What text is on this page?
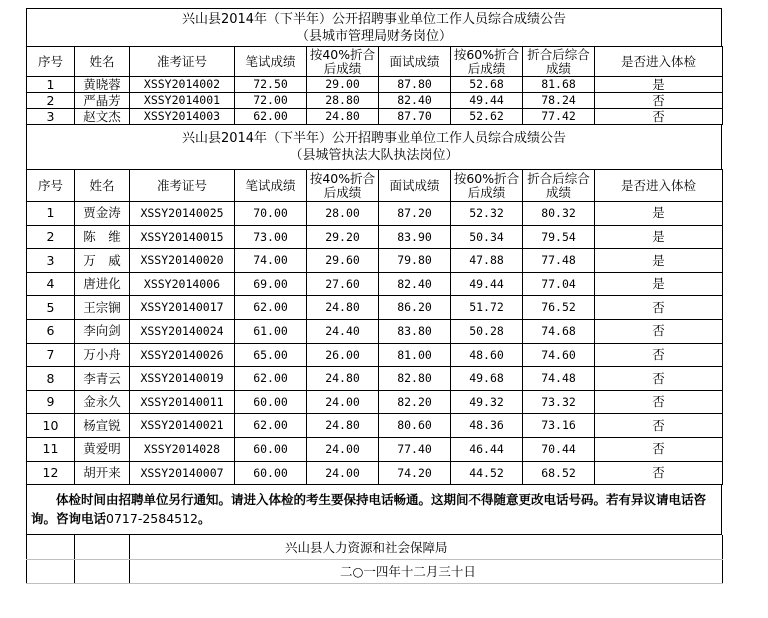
兴山县2014年（下半年）公开招聘事业单位工作人员综合成绩公告
（县城市管理局财务岗位）
序号	姓名	准考证号	笔试成绩	按40%折合后成绩	面试成绩	按60%折合后成绩	折合后综合成绩	是否进入体检
1	黄晓蓉	XSSY2014002	72.50	29.00	87.80	52.68	81.68	是
2	严晶芳	XSSY2014001	72.00	28.80	82.40	49.44	78.24	否
3	赵文杰	XSSY2014003	62.00	24.80	87.70	52.62	77.42	否
兴山县2014年（下半年）公开招聘事业单位工作人员综合成绩公告
（县城管执法大队执法岗位）
序号	姓名	准考证号	笔试成绩	按40%折合后成绩	面试成绩	按60%折合后成绩	折合后综合成绩	是否进入体检
1	贾金涛	XSSY20140025	70.00	28.00	87.20	52.32	80.32	是
2	陈　维	XSSY20140015	73.00	29.20	83.90	50.34	79.54	是
3	万　威	XSSY20140020	74.00	29.60	79.80	47.88	77.48	是
4	唐进化	XSSY2014006	69.00	27.60	82.40	49.44	77.04	是
5	王宗锎	XSSY20140017	62.00	24.80	86.20	51.72	76.52	否
6	李向剑	XSSY20140024	61.00	24.40	83.80	50.28	74.68	否
7	万小舟	XSSY20140026	65.00	26.00	81.00	48.60	74.60	否
8	李青云	XSSY20140019	62.00	24.80	82.80	49.68	74.48	否
9	金永久	XSSY20140011	60.00	24.00	82.20	49.32	73.32	否
10	杨宣锐	XSSY20140021	62.00	24.80	80.60	48.36	73.16	否
11	黄爱明	XSSY2014028	60.00	24.00	77.40	46.44	70.44	否
12	胡开来	XSSY20140007	60.00	24.00	74.20	44.52	68.52	否
体检时间由招聘单位另行通知。请进入体检的考生要保持电话畅通。这期间不得随意更改电话号码。若有异议请电话咨询。咨询电话0717-2584512。
		兴山县人力资源和社会保障局
		二○一四年十二月三十日
